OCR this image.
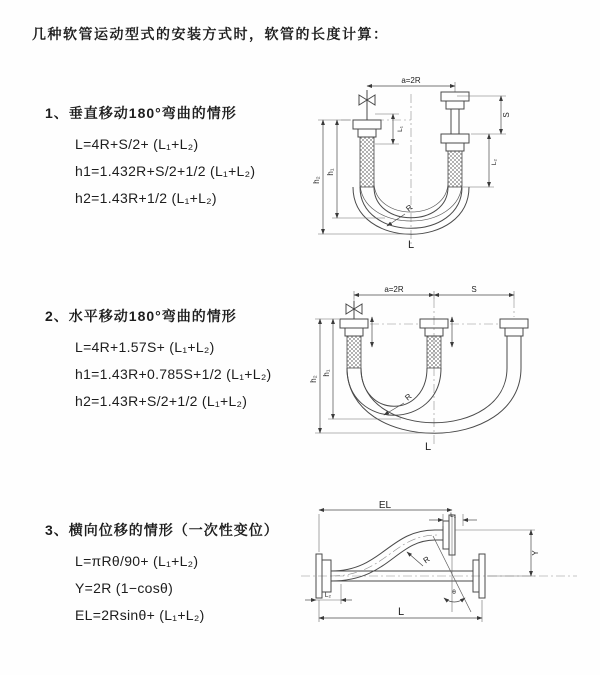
几种软管运动型式的安装方式时，软管的长度计算：
1、垂直移动180°弯曲的情形
L=4R+S/2+ (L₁+L₂)
h1=1.432R+S/2+1/2 (L₁+L₂)
h2=1.43R+1/2 (L₁+L₂)
2、水平移动180°弯曲的情形
L=4R+1.57S+ (L₁+L₂)
h1=1.43R+0.785S+1/2 (L₁+L₂)
h2=1.43R+S/2+1/2 (L₁+L₂)
3、横向位移的情形（一次性变位）
L=πRθ/90+ (L₁+L₂)
Y=2R (1−cosθ)
EL=2Rsinθ+ (L₁+L₂)
a=2R
h₂
h₁
L₁
S
L₂
R
L
a=2R	S
h₂
h₁
R
L
EL
L₁
Y
θ
R
L₂
L
